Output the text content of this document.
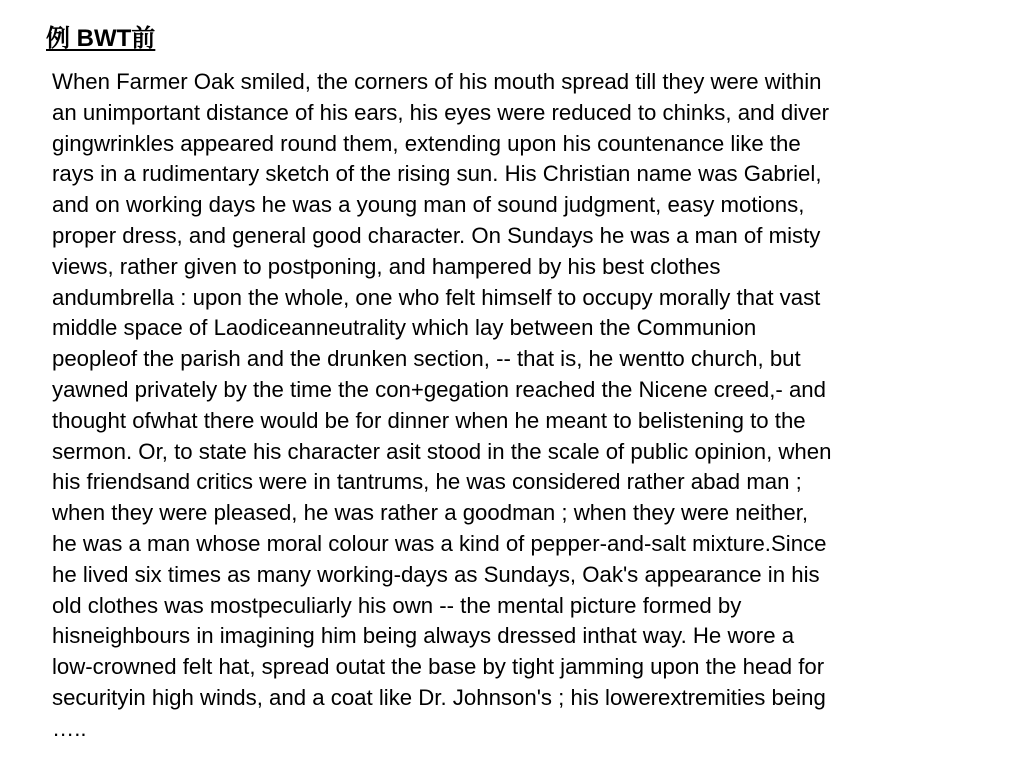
例 BWT前
When Farmer Oak smiled, the corners of his mouth spread till they were within
an unimportant distance of his ears, his eyes were reduced to chinks, and diver
gingwrinkles appeared round them, extending upon his countenance like the
rays in a rudimentary sketch of the rising sun. His Christian name was Gabriel,
and on working days he was a young man of sound judgment, easy motions,
proper dress, and general good character. On Sundays he was a man of misty
views, rather given to postponing, and hampered by his best clothes
andumbrella : upon the whole, one who felt himself to occupy morally that vast
middle space of Laodiceanneutrality which lay between the Communion
peopleof the parish and the drunken section, -- that is, he wentto church, but
yawned privately by the time the con+gegation reached the Nicene creed,- and
thought ofwhat there would be for dinner when he meant to belistening to the
sermon. Or, to state his character asit stood in the scale of public opinion, when
his friendsand critics were in tantrums, he was considered rather abad man ;
when they were pleased, he was rather a goodman ; when they were neither,
he was a man whose moral colour was a kind of pepper-and-salt mixture.Since
he lived six times as many working-days as Sundays, Oak's appearance in his
old clothes was mostpeculiarly his own -- the mental picture formed by
hisneighbours in imagining him being always dressed inthat way. He wore a
low-crowned felt hat, spread outat the base by tight jamming upon the head for
securityin high winds, and a coat like Dr. Johnson's ; his lowerextremities being
…..
